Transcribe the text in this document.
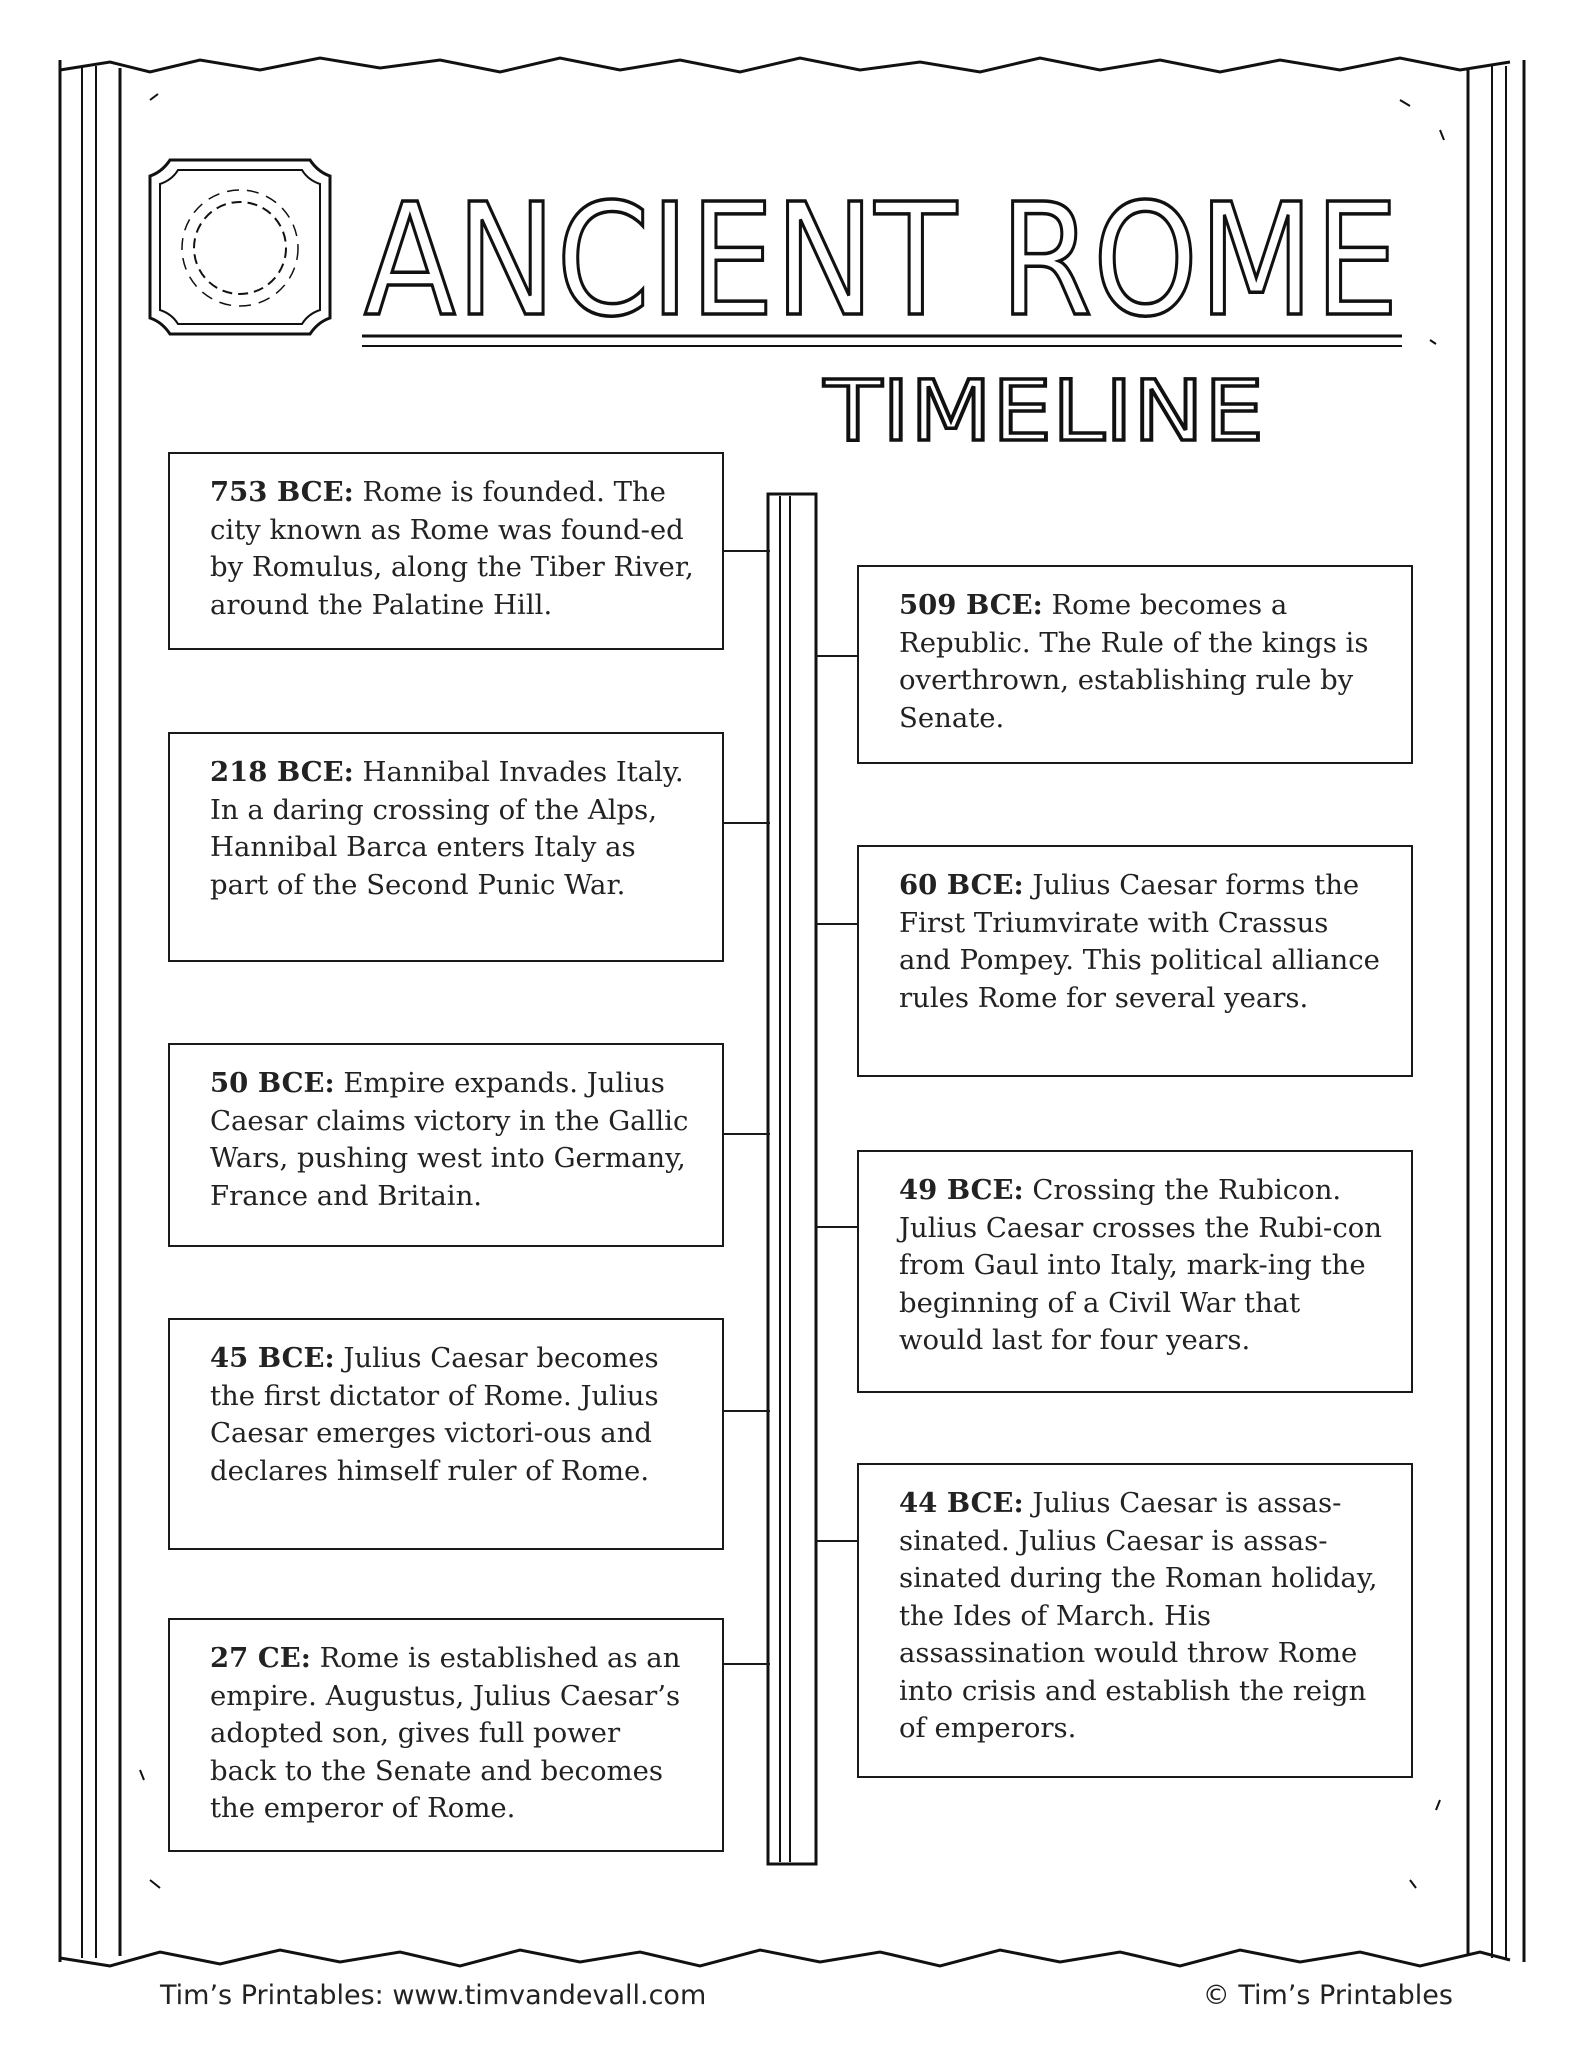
ANCIENT ROME
TIMELINE
753 BCE: Rome is founded. The city known as Rome was found-ed by Romulus, along the Tiber River, around the Palatine Hill.
218 BCE: Hannibal Invades Italy. In a daring crossing of the Alps, Hannibal Barca enters Italy as part of the Second Punic War.
50 BCE: Empire expands. Julius Caesar claims victory in the Gallic Wars, pushing west into Germany, France and Britain.
45 BCE: Julius Caesar becomes the first dictator of Rome. Julius Caesar emerges victori-ous and declares himself ruler of Rome.
27 CE: Rome is established as an empire. Augustus, Julius Caesar’s adopted son, gives full power back to the Senate and becomes the emperor of Rome.
509 BCE: Rome becomes a Republic. The Rule of the kings is overthrown, establishing rule by Senate.
60 BCE: Julius Caesar forms the First Triumvirate with Crassus and Pompey. This political alliance rules Rome for several years.
49 BCE: Crossing the Rubicon. Julius Caesar crosses the Rubi-con from Gaul into Italy, mark-ing the beginning of a Civil War that would last for four years.
44 BCE: Julius Caesar is assas-sinated. Julius Caesar is assas-sinated during the Roman holiday, the Ides of March. His assassination would throw Rome into crisis and establish the reign of emperors.
Tim’s Printables: www.timvandevall.com	© Tim’s Printables
